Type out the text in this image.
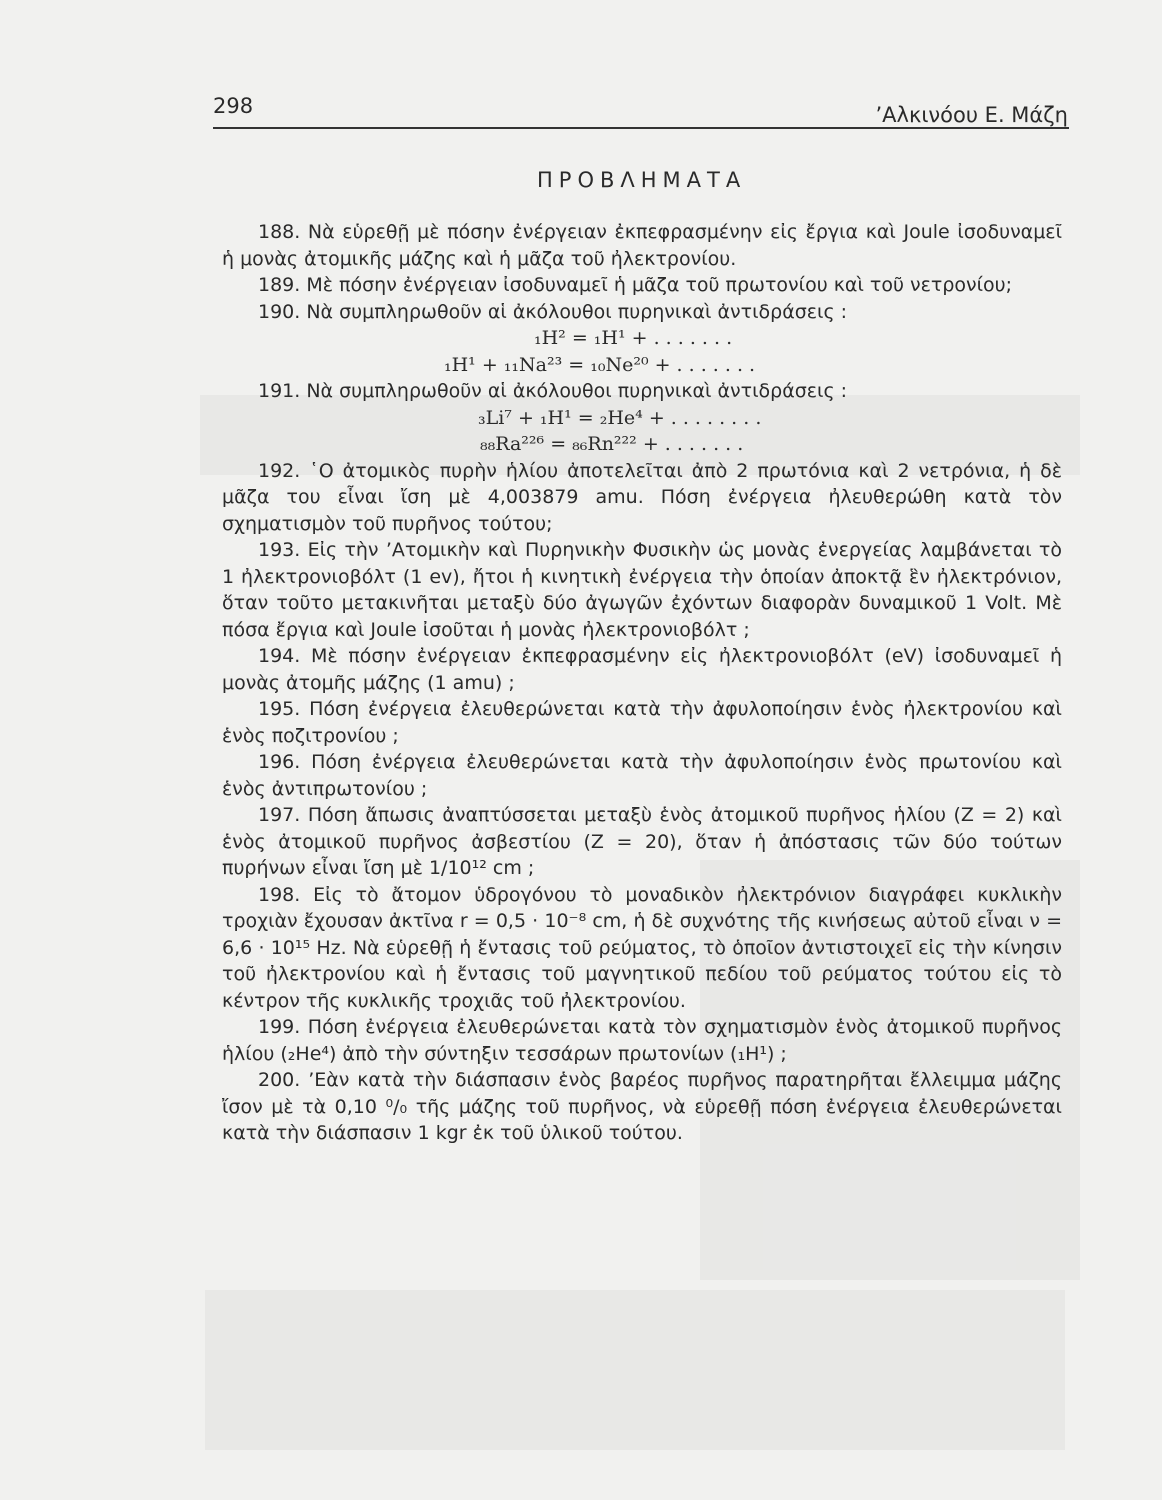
298	’Αλκινόου Ε. Μάζη
ΠΡΟΒΛΗΜΑΤΑ

188. Νὰ εὑρεθῇ μὲ πόσην ἐνέργειαν ἐκπεφρασμένην εἰς ἔργια καὶ Joule ἰσοδυναμεῖ ἡ μονὰς ἀτομικῆς μάζης καὶ ἡ μᾶζα τοῦ ἠλεκτρονίου.

189. Μὲ πόσην ἐνέργειαν ἰσοδυναμεῖ ἡ μᾶζα τοῦ πρωτονίου καὶ τοῦ νετρονίου;

190. Νὰ συμπληρωθοῦν αἱ ἀκόλουθοι πυρηνικαὶ ἀντιδράσεις :

₁H² = ₁H¹ + . . . . . . .

₁H¹ + ₁₁Na²³ = ₁₀Ne²⁰ + . . . . . . .

191. Νὰ συμπληρωθοῦν αἱ ἀκόλουθοι πυρηνικαὶ ἀντιδράσεις :

₃Li⁷ + ₁H¹ = ₂He⁴ + . . . . . . . .

₈₈Ra²²⁶ = ₈₆Rn²²² + . . . . . . .

192. ῾Ο ἀτομικὸς πυρὴν ἡλίου ἀποτελεῖται ἀπὸ 2 πρωτόνια καὶ 2 νετρόνια, ἡ δὲ μᾶζα του εἶναι ἴση μὲ 4,003879 amu. Πόση ἐνέργεια ἠλευθερώθη κατὰ τὸν σχηματισμὸν τοῦ πυρῆνος τούτου;

193. Εἰς τὴν ’Ατομικὴν καὶ Πυρηνικὴν Φυσικὴν ὡς μονὰς ἐνεργείας λαμβάνεται τὸ 1 ἠλεκτρονιοβόλτ (1 ev), ἤτοι ἡ κινητικὴ ἐνέργεια τὴν ὁποίαν ἀποκτᾷ ἓν ἠλεκτρόνιον, ὅταν τοῦτο μετακινῆται μεταξὺ δύο ἀγωγῶν ἐχόντων διαφορὰν δυναμικοῦ 1 Volt. Μὲ πόσα ἔργια καὶ Joule ἰσοῦται ἡ μονὰς ἠλεκτρονιοβόλτ ;

194. Μὲ πόσην ἐνέργειαν ἐκπεφρασμένην εἰς ἠλεκτρονιοβόλτ (eV) ἰσοδυναμεῖ ἡ μονὰς ἀτομῆς μάζης (1 amu) ;

195. Πόση ἐνέργεια ἐλευθερώνεται κατὰ τὴν ἀφυλοποίησιν ἑνὸς ἠλεκτρονίου καὶ ἑνὸς ποζιτρονίου ;

196. Πόση ἐνέργεια ἐλευθερώνεται κατὰ τὴν ἀφυλοποίησιν ἑνὸς πρωτονίου καὶ ἑνὸς ἀντιπρωτονίου ;

197. Πόση ἄπωσις ἀναπτύσσεται μεταξὺ ἑνὸς ἀτομικοῦ πυρῆνος ἡλίου (Z = 2) καὶ ἑνὸς ἀτομικοῦ πυρῆνος ἀσβεστίου (Z = 20), ὅταν ἡ ἀπόστασις τῶν δύο τούτων πυρήνων εἶναι ἴση μὲ 1/10¹² cm ;

198. Εἰς τὸ ἄτομον ὑδρογόνου τὸ μοναδικὸν ἠλεκτρόνιον διαγράφει κυκλικὴν τροχιὰν ἔχουσαν ἀκτῖνα r = 0,5 · 10⁻⁸ cm, ἡ δὲ συχνότης τῆς κινήσεως αὐτοῦ εἶναι ν = 6,6 · 10¹⁵ Hz. Νὰ εὑρεθῇ ἡ ἔντασις τοῦ ρεύματος, τὸ ὁποῖον ἀντιστοιχεῖ εἰς τὴν κίνησιν τοῦ ἠλεκτρονίου καὶ ἡ ἔντασις τοῦ μαγνητικοῦ πεδίου τοῦ ρεύματος τούτου εἰς τὸ κέντρον τῆς κυκλικῆς τροχιᾶς τοῦ ἠλεκτρονίου.

199. Πόση ἐνέργεια ἐλευθερώνεται κατὰ τὸν σχηματισμὸν ἑνὸς ἀτομικοῦ πυρῆνος ἡλίου (₂He⁴) ἀπὸ τὴν σύντηξιν τεσσάρων πρωτονίων (₁H¹) ;

200. ’Εὰν κατὰ τὴν διάσπασιν ἑνὸς βαρέος πυρῆνος παρατηρῆται ἔλλειμμα μάζης ἴσον μὲ τὰ 0,10 ⁰/₀ τῆς μάζης τοῦ πυρῆνος, νὰ εὑρεθῇ πόση ἐνέργεια ἐλευθερώνεται κατὰ τὴν διάσπασιν 1 kgr ἐκ τοῦ ὑλικοῦ τούτου.
